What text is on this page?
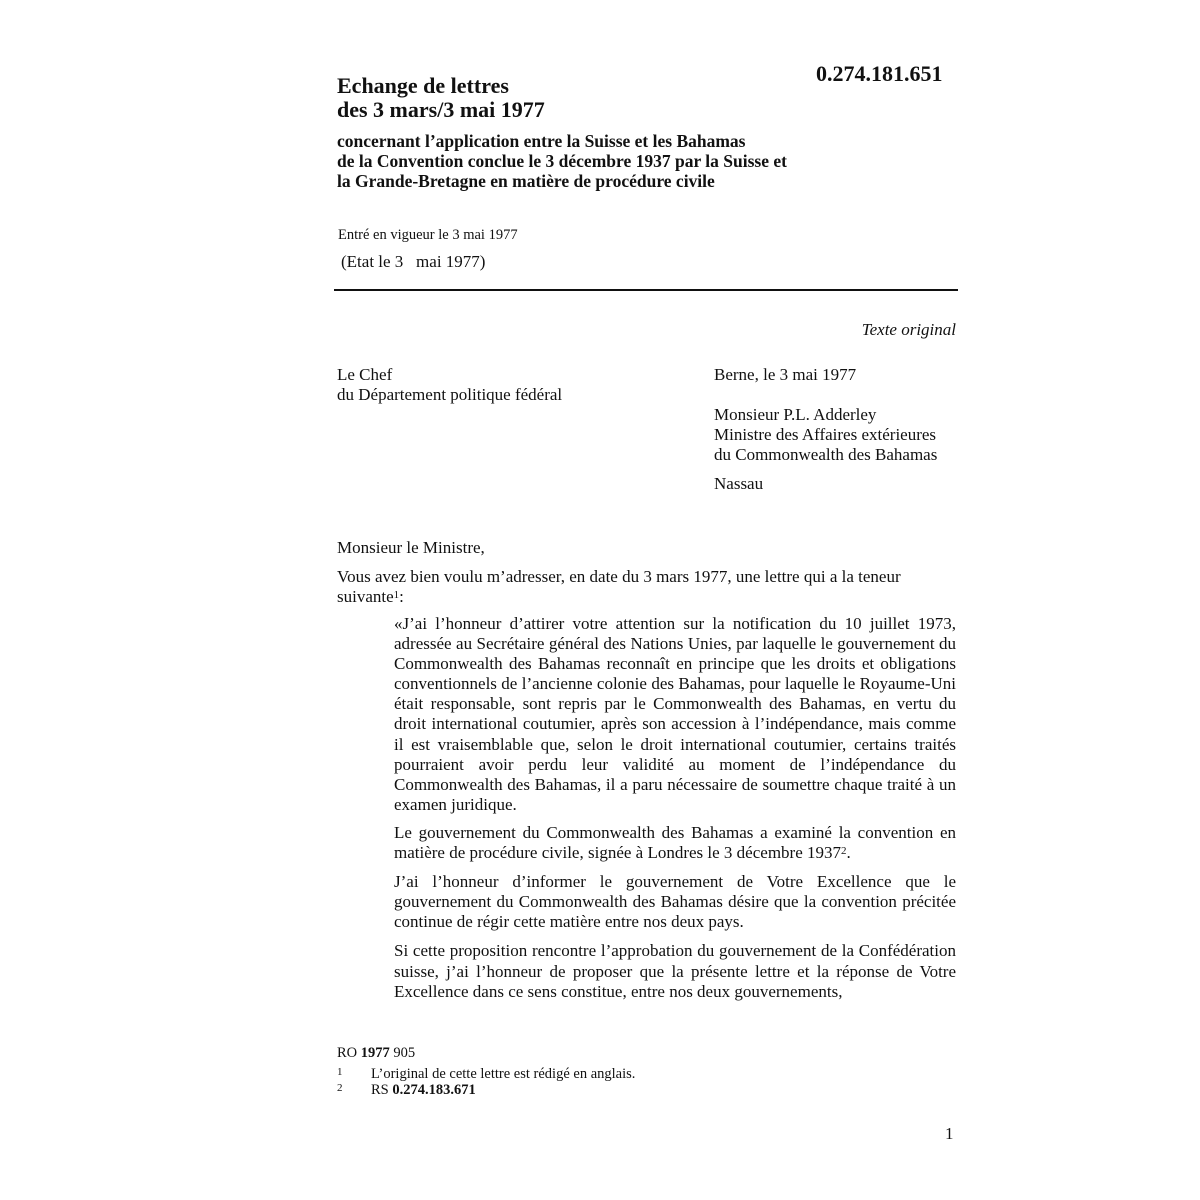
Echange de lettres
des 3 mars/3 mai 1977
0.274.181.651
concernant l’application entre la Suisse et les Bahamas
de la Convention conclue le 3 décembre 1937 par la Suisse et
la Grande-Bretagne en matière de procédure civile
Entré en vigueur le 3 mai 1977
(Etat le 3   mai 1977)
Texte original
Le Chef
du Département politique fédéral
Berne, le 3 mai 1977
Monsieur P.L. Adderley
Ministre des Affaires extérieures
du Commonwealth des Bahamas
Nassau
Monsieur le Ministre,
Vous avez bien voulu m’adresser, en date du 3 mars 1977, une lettre qui a la teneur suivante$^1$:

«J’ai l’honneur d’attirer votre attention sur la notification du 10 juillet 1973, adressée au Secrétaire général des Nations Unies, par laquelle le gouvernement du Commonwealth des Bahamas reconnaît en principe que les droits et obligations conventionnels de l’ancienne colonie des Bahamas, pour laquelle le Royaume-Uni était responsable, sont repris par le Commonwealth des Bahamas, en vertu du droit international coutumier, après son accession à l’indépendance, mais comme il est vraisemblable que, selon le droit international coutumier, certains traités pourraient avoir perdu leur validité au moment de l’indépendance du Commonwealth des Bahamas, il a paru nécessaire de soumettre chaque traité à un examen juridique.

Le gouvernement du Commonwealth des Bahamas a examiné la convention en matière de procédure civile, signée à Londres le 3 décembre 1937$^2$.

J’ai l’honneur d’informer le gouvernement de Votre Excellence que le gouvernement du Commonwealth des Bahamas désire que la convention précitée continue de régir cette matière entre nos deux pays.

Si cette proposition rencontre l’approbation du gouvernement de la Confédération suisse, j’ai l’honneur de proposer que la présente lettre et la réponse de Votre Excellence dans ce sens constitue, entre nos deux gouvernements,

RO 1977 905
1 L’original de cette lettre est rédigé en anglais.
2 RS 0.274.183.671
1
